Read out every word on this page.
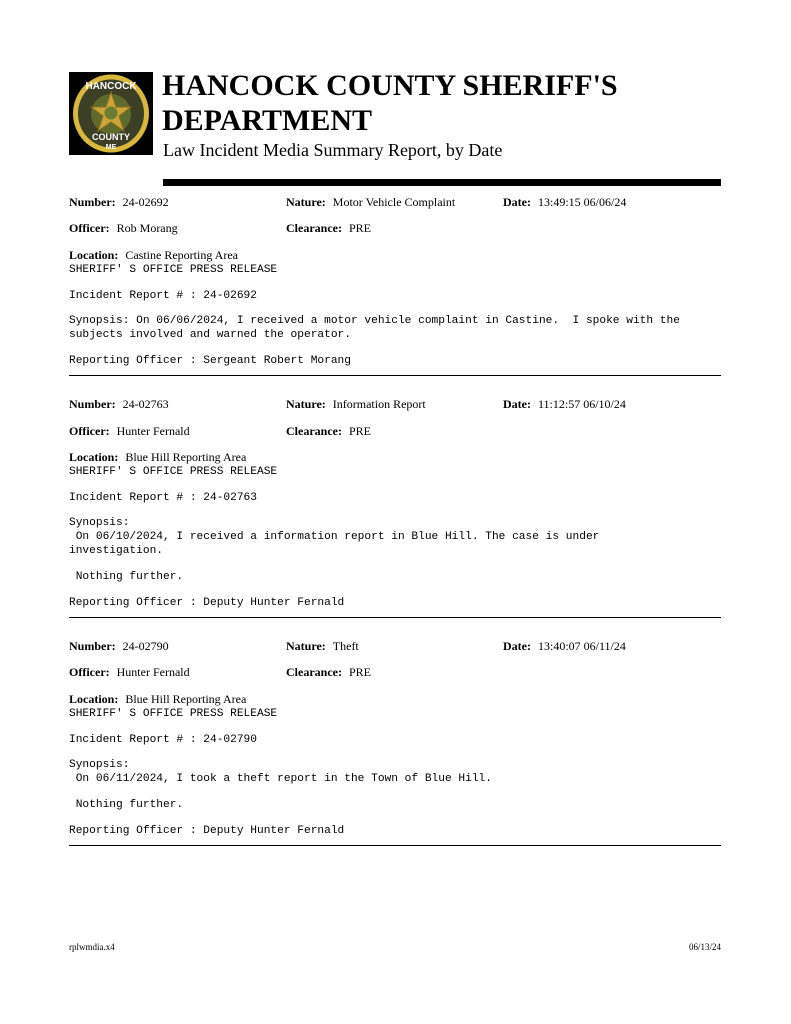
HANCOCK
COUNTY
ME
HANCOCK COUNTY SHERIFF'S
DEPARTMENT
Law Incident Media Summary Report, by Date
Number: 24-02692	Nature: Motor Vehicle Complaint	Date: 13:49:15 06/06/24
Officer: Rob Morang	Clearance: PRE
Location: Castine Reporting Area
SHERIFF' S OFFICE PRESS RELEASE
Incident Report # : 24-02692
Synopsis: On 06/06/2024, I received a motor vehicle complaint in Castine.  I spoke with the
subjects involved and warned the operator.
Reporting Officer : Sergeant Robert Morang
Number: 24-02763	Nature: Information Report	Date: 11:12:57 06/10/24
Officer: Hunter Fernald	Clearance: PRE
Location: Blue Hill Reporting Area
SHERIFF' S OFFICE PRESS RELEASE
Incident Report # : 24-02763
Synopsis:
On 06/10/2024, I received a information report in Blue Hill. The case is under
investigation.
Nothing further.
Reporting Officer : Deputy Hunter Fernald
Number: 24-02790	Nature: Theft	Date: 13:40:07 06/11/24
Officer: Hunter Fernald	Clearance: PRE
Location: Blue Hill Reporting Area
SHERIFF' S OFFICE PRESS RELEASE
Incident Report # : 24-02790
Synopsis:
On 06/11/2024, I took a theft report in the Town of Blue Hill.
Nothing further.
Reporting Officer : Deputy Hunter Fernald
rplwmdia.x4	06/13/24
